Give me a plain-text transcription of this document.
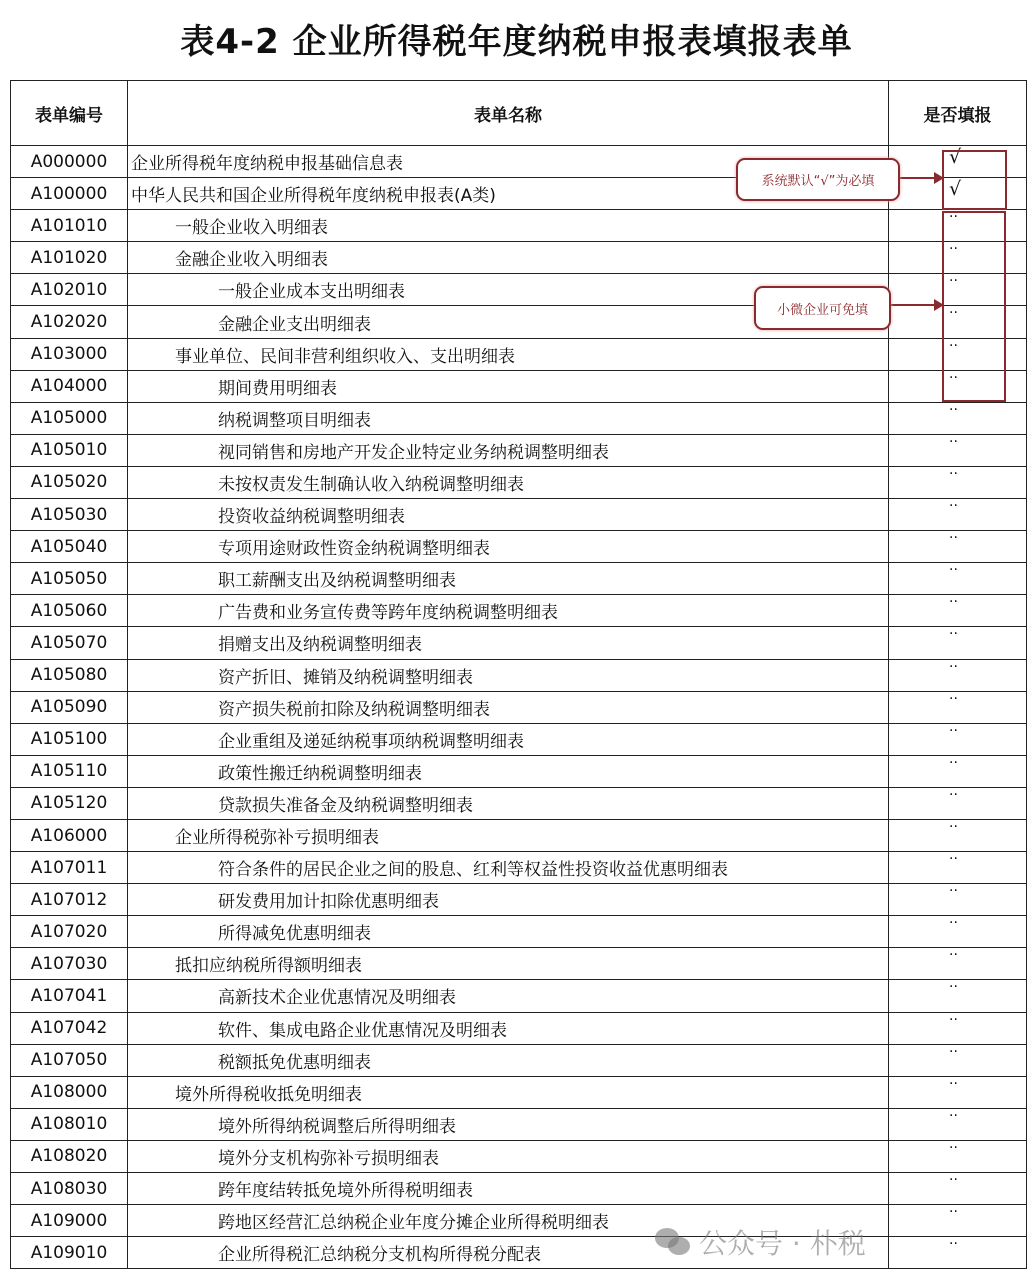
表4-2 企业所得税年度纳税申报表填报表单
表单编号	表单名称	是否填报
A000000	企业所得税年度纳税申报基础信息表	√
A100000	中华人民共和国企业所得税年度纳税申报表(A类)	√
A101010	一般企业收入明细表	··
A101020	金融企业收入明细表	··
A102010	一般企业成本支出明细表	··
A102020	金融企业支出明细表	··
A103000	事业单位、民间非营利组织收入、支出明细表	··
A104000	期间费用明细表	··
A105000	纳税调整项目明细表	··
A105010	视同销售和房地产开发企业特定业务纳税调整明细表	··
A105020	未按权责发生制确认收入纳税调整明细表	··
A105030	投资收益纳税调整明细表	··
A105040	专项用途财政性资金纳税调整明细表	··
A105050	职工薪酬支出及纳税调整明细表	··
A105060	广告费和业务宣传费等跨年度纳税调整明细表	··
A105070	捐赠支出及纳税调整明细表	··
A105080	资产折旧、摊销及纳税调整明细表	··
A105090	资产损失税前扣除及纳税调整明细表	··
A105100	企业重组及递延纳税事项纳税调整明细表	··
A105110	政策性搬迁纳税调整明细表	··
A105120	贷款损失准备金及纳税调整明细表	··
A106000	企业所得税弥补亏损明细表	··
A107011	符合条件的居民企业之间的股息、红利等权益性投资收益优惠明细表	··
A107012	研发费用加计扣除优惠明细表	··
A107020	所得减免优惠明细表	··
A107030	抵扣应纳税所得额明细表	··
A107041	高新技术企业优惠情况及明细表	··
A107042	软件、集成电路企业优惠情况及明细表	··
A107050	税额抵免优惠明细表	··
A108000	境外所得税收抵免明细表	··
A108010	境外所得纳税调整后所得明细表	··
A108020	境外分支机构弥补亏损明细表	··
A108030	跨年度结转抵免境外所得税明细表	··
A109000	跨地区经营汇总纳税企业年度分摊企业所得税明细表	··
A109010	企业所得税汇总纳税分支机构所得税分配表	··
系统默认“√”为必填
小微企业可免填
公众号 · 朴税
